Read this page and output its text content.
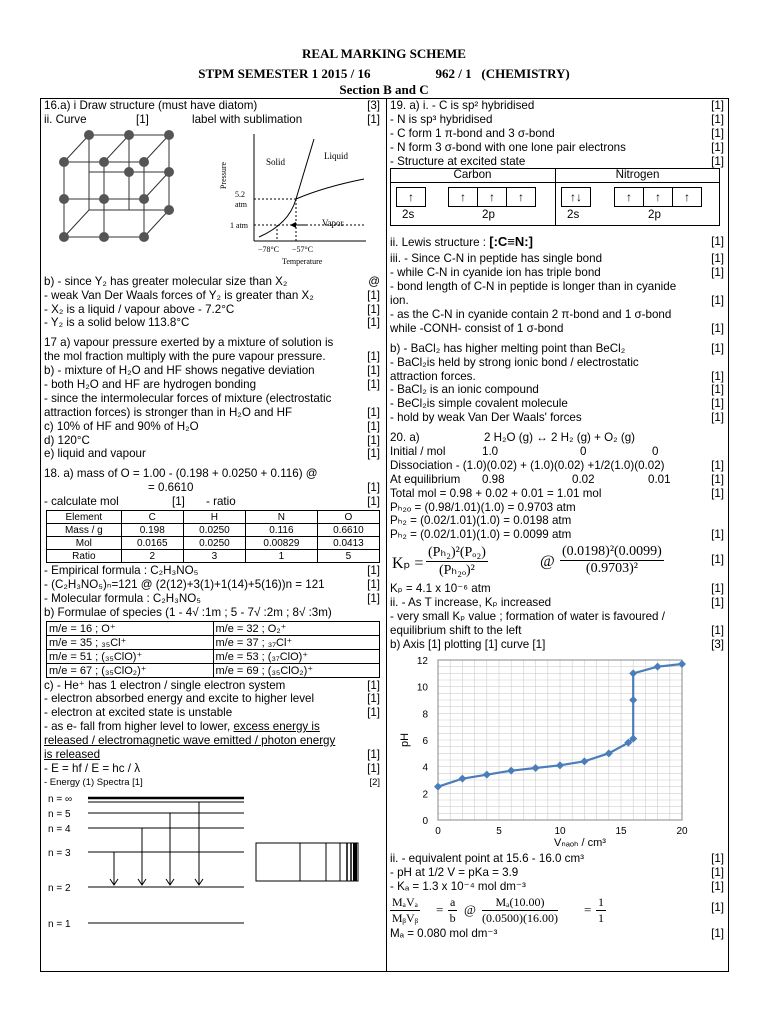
REAL MARKING SCHEME
STPM SEMESTER 1 2015 / 16                    962 / 1   (CHEMISTRY)
Section B and C
16.a) i Draw structure (must have diatom)	[3]
ii. Curve	[1]	label with sublimation	[1]
Solid
Liquid
Vapor
5.2
atm
1 atm
−78°C −57°C
Temperature
Pressure
b) - since Y₂ has greater molecular size than X₂	@
- weak Van Der Waals forces of Y₂ is greater than X₂	[1]
- X₂ is a liquid / vapour above - 7.2°C	[1]
- Y₂ is a solid below 113.8°C	[1]
17 a) vapour pressure exerted by a mixture of solution is
the mol fraction multiply with the pure vapour pressure.	[1]
b) - mixture of H₂O and HF shows negative deviation	[1]
- both H₂O and HF are hydrogen bonding	[1]
- since the intermolecular forces of mixture (electrostatic
attraction forces) is stronger than in H₂O and HF	[1]
c) 10% of HF and 90% of H₂O	[1]
d) 120°C	[1]
e) liquid and vapour	[1]
18. a) mass of O = 1.00 - (0.198 + 0.0250 + 0.116) @
= 0.6610	[1]
- calculate mol	[1] - ratio	[1]
Element	C	H	N	O
Mass / g	0.198	0.0250	0.116	0.6610
Mol	0.0165	0.0250	0.00829	0.0413
Ratio	2	3	1	5
- Empirical formula : C₂H₃NO₅	[1]
- (C₂H₃NO₅)ₙ=121 @ (2(12)+3(1)+1(14)+5(16))n = 121	[1]
- Molecular formula : C₂H₃NO₅	[1]
b) Formulae of species (1 - 4√ :1m ; 5 - 7√ :2m ; 8√ :3m)
m/e = 16 ; O⁺	m/e = 32 ; O₂⁺
m/e = 35 ; ₃₅Cl⁺	m/e = 37 ; ₃₇Cl⁺
m/e = 51 ; (₃₅ClO)⁺	m/e = 53 ; (₃₇ClO)⁺
m/e = 67 ; (₃₅ClO₂)⁺	m/e = 69 ; (₃₅ClO₂)⁺
c) - He⁺ has 1 electron / single electron system	[1]
- electron absorbed energy and excite to higher level	[1]
- electron at excited state is unstable	[1]
- as e- fall from higher level to lower, excess energy is
released / electromagnetic wave emitted / photon energy
is released	[1]
- E = hf / E = hc / λ	[1]
- Energy (1) Spectra [1]	[2]
n = ∞
n = 5
n = 4
n = 3
n = 2
n = 1
19. a) i. - C is sp² hybridised	[1]
- N is sp³ hybridised	[1]
- C form 1 π-bond and 3 σ-bond	[1]
- N form 3 σ-bond with one lone pair electrons	[1]
- Structure at excited state	[1]
Carbon	Nitrogen
↑	↑	↑	↑
2s	2p
↑↓	↑	↑	↑
2s	2p
ii. Lewis structure : [:C≡N:]	[1]
iii. - Since C-N in peptide has single bond	[1]
- while C-N in cyanide ion has triple bond	[1]
- bond length of C-N in peptide is longer than in cyanide
ion.	[1]
- as the C-N in cyanide contain 2 π-bond and 1 σ-bond
while -CONH- consist of 1 σ-bond	[1]
b) - BaCl₂ has higher melting point than BeCl₂	[1]
- BaCl₂is held by strong ionic bond / electrostatic
attraction forces.	[1]
- BaCl₂ is an ionic compound	[1]
- BeCl₂is simple covalent molecule	[1]
- hold by weak Van Der Waals' forces	[1]
20. a)	2 H₂O (g) ↔ 2 H₂ (g) + O₂ (g)
Initial / mol	1.0	0	0
Dissociation - (1.0)(0.02) + (1.0)(0.02) +1/2(1.0)(0.02)	[1]
At equilibrium 0.98	0.02	0.01	[1]
Total mol = 0.98 + 0.02 + 0.01 = 1.01 mol	[1]
Pₕ₂ₒ = (0.98/1.01)(1.0) = 0.9703 atm
Pₕ₂ = (0.02/1.01)(1.0) = 0.0198 atm
Pₕ₂ = (0.02/1.01)(1.0) = 0.0099 atm	[1]
$K_p = \frac{\text{(Pₕ₂)²(Pₒ₂)}}{\text{(Pₕ₂ₒ)²}}$	@ $\frac{\text{(0.0198)²(0.0099)}}{\text{(0.9703)²}}$	[1]
Kₚ = 4.1 x 10⁻⁶ atm	[1]
ii. - As T increase, Kₚ increased	[1]
- very small Kₚ value ; formation of water is favoured /
equilibrium shift to the left	[1]
b) Axis [1] plotting [1] curve [1]	[3]
0	5	10	15	20
0
2
4
6
8
10
12
pH
Vₙₐₒₕ / cm³
ii. - equivalent point at 15.6 - 16.0 cm³	[1]
- pH at 1/2 V = pKa = 3.9	[1]
- Kₐ = 1.3 x 10⁻⁴ mol dm⁻³	[1]
MₐVₐ
MᵦVᵦ
= $\frac{a}{b}$ @ $\frac{\text{Mₐ(10.00)}}{(0.0500)(16.00)} = \frac{1}{1}$	[1]
Mₐ = 0.080 mol dm⁻³	[1]
